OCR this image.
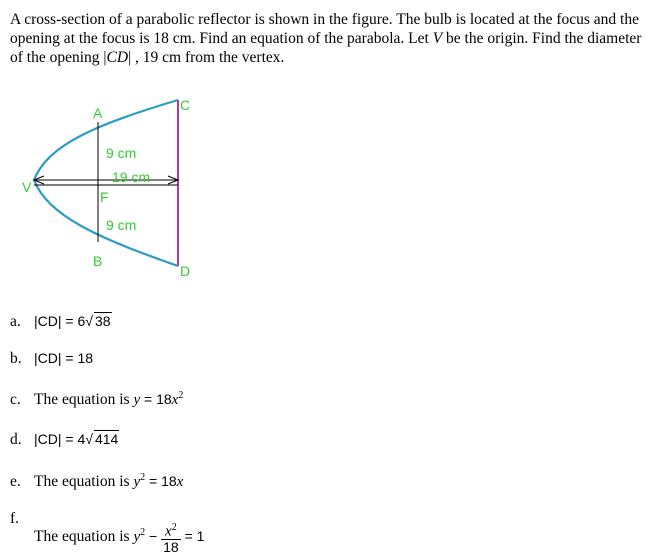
A cross-section of a parabolic reflector is shown in the figure. The bulb is located at the focus and the opening at the focus is 18 cm. Find an equation of the parabola. Let V be the origin. Find the diameter of the opening |CD| , 19 cm from the vertex.
A
B
C
D
F
V
9 cm
9 cm
19 cm
a. |CD| = 6√ 38
b. |CD| = 18
c. The equation is $y = 18x^2$
d. |CD| = 4√ 414
e. The equation is $y^2 = 18x$
f.The equation is $y^2 - \frac{x^2}{18} = 1$
